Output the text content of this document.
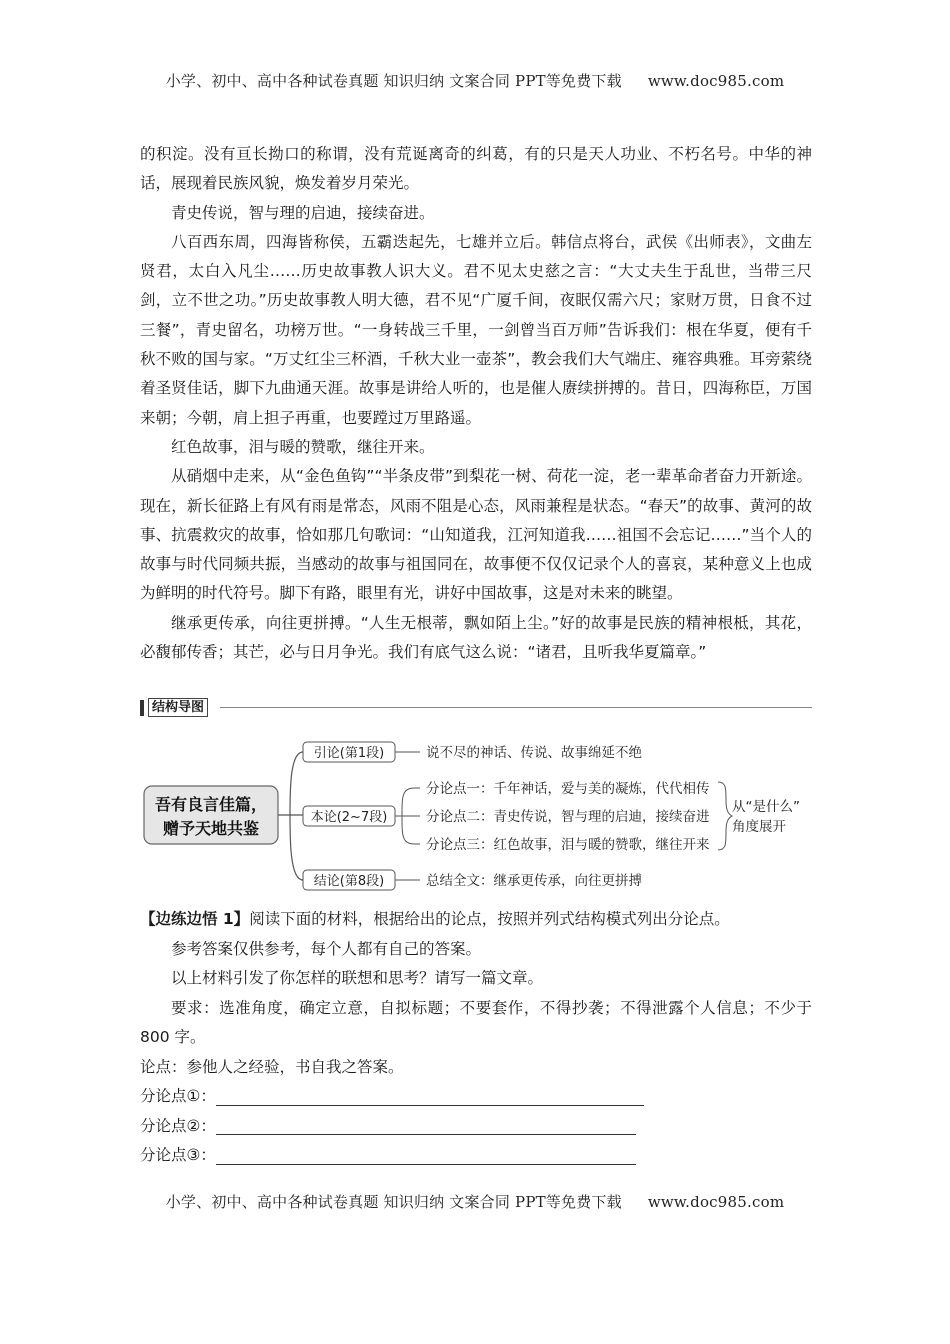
小学、初中、高中各种试卷真题 知识归纳 文案合同 PPT等免费下载 www.doc985.com

的积淀。没有亘长拗口的称谓，没有荒诞离奇的纠葛，有的只是天人功业、不朽名号。中华的神话，展现着民族风貌，焕发着岁月荣光。

青史传说，智与理的启迪，接续奋进。

八百西东周，四海皆称侯，五霸迭起先，七雄并立后。韩信点将台，武侯《出师表》，文曲左贤君，太白入凡尘……历史故事教人识大义。君不见太史慈之言：“大丈夫生于乱世，当带三尺剑，立不世之功。”历史故事教人明大德，君不见“广厦千间，夜眠仅需六尺；家财万贯，日食不过三餐”，青史留名，功榜万世。“一身转战三千里，一剑曾当百万师”告诉我们：根在华夏，便有千秋不败的国与家。“万丈红尘三杯酒，千秋大业一壶茶”，教会我们大气端庄、雍容典雅。耳旁萦绕着圣贤佳话，脚下九曲通天涯。故事是讲给人听的，也是催人赓续拼搏的。昔日，四海称臣，万国来朝；今朝，肩上担子再重，也要蹚过万里路遥。

红色故事，泪与暖的赞歌，继往开来。

从硝烟中走来，从“金色鱼钩”“半条皮带”到梨花一树、荷花一淀，老一辈革命者奋力开新途。现在，新长征路上有风有雨是常态，风雨不阻是心态，风雨兼程是状态。“春天”的故事、黄河的故事、抗震救灾的故事，恰如那几句歌词：“山知道我，江河知道我……祖国不会忘记……”当个人的故事与时代同频共振，当感动的故事与祖国同在，故事便不仅仅记录个人的喜哀，某种意义上也成为鲜明的时代符号。脚下有路，眼里有光，讲好中国故事，这是对未来的眺望。

继承更传承，向往更拼搏。“人生无根蒂，飘如陌上尘。”好的故事是民族的精神根柢，其花，必馥郁传香；其芒，必与日月争光。我们有底气这么说：“诸君，且听我华夏篇章。”

结构导图
吾有良言佳篇，
赠予天地共鉴
引论(第1段)	说不尽的神话、传说、故事绵延不绝
本论(2~7段)
分论点一：千年神话，爱与美的凝炼，代代相传
分论点二：青史传说，智与理的启迪，接续奋进
分论点三：红色故事，泪与暖的赞歌，继往开来
从“是什么”
角度展开
结论(第8段)	总结全文：继承更传承，向往更拼搏

【边练边悟 1】阅读下面的材料，根据给出的论点，按照并列式结构模式列出分论点。

参考答案仅供参考，每个人都有自己的答案。

以上材料引发了你怎样的联想和思考？请写一篇文章。

要求：选准角度，确定立意，自拟标题；不要套作，不得抄袭；不得泄露个人信息；不少于 800 字。

论点：参他人之经验，书自我之答案。

分论点①：
分论点②：
分论点③：
小学、初中、高中各种试卷真题 知识归纳 文案合同 PPT等免费下载 www.doc985.com
